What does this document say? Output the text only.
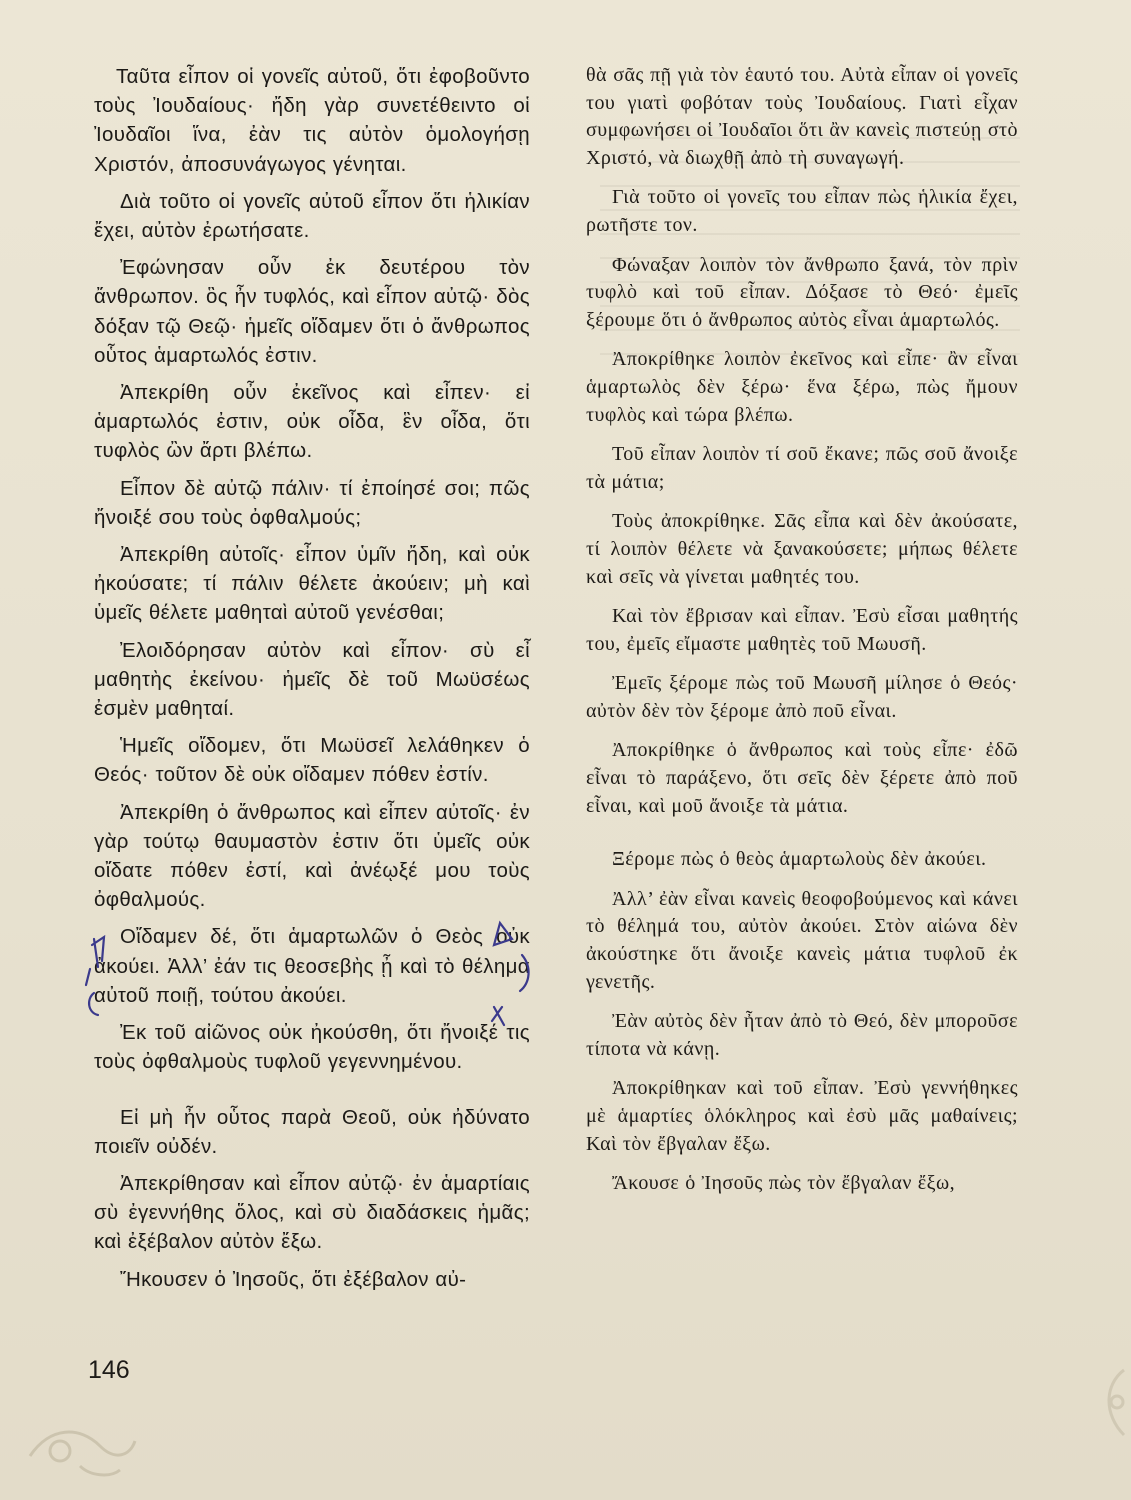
Ταῦτα εἶπον οἱ γονεῖς αὐτοῦ, ὅτι ἐφοβοῦντο τοὺς Ἰουδαίους· ἤδη γὰρ συνετέθειντο οἱ Ἰουδαῖοι ἵνα, ἐὰν τις αὐτὸν ὁμολογήσῃ Χριστόν, ἀποσυνάγωγος γένηται.

Διὰ τοῦτο οἱ γονεῖς αὐτοῦ εἶπον ὅτι ἡλικίαν ἔχει, αὐτὸν ἐρωτήσατε.

Ἐφώνησαν οὖν ἐκ δευτέρου τὸν ἄνθρωπον. ὃς ἦν τυφλός, καὶ εἶπον αὐτῷ· δὸς δόξαν τῷ Θεῷ· ἡμεῖς οἴδαμεν ὅτι ὁ ἄνθρωπος οὗτος ἁμαρτωλός ἐστιν.

Ἀπεκρίθη οὖν ἐκεῖνος καὶ εἶπεν· εἰ ἁμαρτωλός ἐστιν, οὐκ οἶδα, ἓν οἶδα, ὅτι τυφλὸς ὢν ἄρτι βλέπω.

Εἶπον δὲ αὐτῷ πάλιν· τί ἐποίησέ σοι; πῶς ἤνοιξέ σου τοὺς ὀφθαλμούς;

Ἀπεκρίθη αὐτοῖς· εἶπον ὑμῖν ἤδη, καὶ οὐκ ἠκούσατε; τί πάλιν θέλετε ἀκούειν; μὴ καὶ ὑμεῖς θέλετε μαθηταὶ αὐτοῦ γενέσθαι;

Ἐλοιδόρησαν αὐτὸν καὶ εἶπον· σὺ εἶ μαθητὴς ἐκείνου· ἡμεῖς δὲ τοῦ Μωϋσέως ἐσμὲν μαθηταί.

Ἡμεῖς οἴδομεν, ὅτι Μωϋσεῖ λελάθηκεν ὁ Θεός· τοῦτον δὲ οὐκ οἴδαμεν πόθεν ἐστίν.

Ἀπεκρίθη ὁ ἄνθρωπος καὶ εἶπεν αὐτοῖς· ἐν γὰρ τούτῳ θαυμαστὸν ἐστιν ὅτι ὑμεῖς οὐκ οἴδατε πόθεν ἐστί, καὶ ἀνέῳξέ μου τοὺς ὀφθαλμούς.

Οἴδαμεν δέ, ὅτι ἁμαρτωλῶν ὁ Θεὸς οὐκ ἀκούει. Ἀλλ’ ἐάν τις θεοσεβὴς ᾖ καὶ τὸ θέλημα αὐτοῦ ποιῇ, τούτου ἀκούει.

Ἐκ τοῦ αἰῶνος οὐκ ἠκούσθη, ὅτι ἤνοιξέ τις τοὺς ὀφθαλμοὺς τυφλοῦ γεγεννημένου.

Εἰ μὴ ἦν οὗτος παρὰ Θεοῦ, οὐκ ἠδύνατο ποιεῖν οὐδέν.

Ἀπεκρίθησαν καὶ εἶπον αὐτῷ· ἐν ἁμαρτίαις σὺ ἐγεννήθης ὅλος, καὶ σὺ διαδάσκεις ἡμᾶς; καὶ ἐξέβαλον αὐτὸν ἔξω.

Ἤκουσεν ὁ Ἰησοῦς, ὅτι ἐξέβαλον αὐ-

θὰ σᾶς πῇ γιὰ τὸν ἑαυτό του. Αὐτὰ εἶπαν οἱ γονεῖς του γιατὶ φοβόταν τοὺς Ἰουδαίους. Γιατὶ εἶχαν συμφωνήσει οἱ Ἰουδαῖοι ὅτι ἂν κανεὶς πιστεύῃ στὸ Χριστό, νὰ διωχθῇ ἀπὸ τὴ συναγωγή.

Γιὰ τοῦτο οἱ γονεῖς του εἶπαν πὼς ἡλικία ἔχει, ρωτῆστε τον.

Φώναξαν λοιπὸν τὸν ἄνθρωπο ξανά, τὸν πρὶν τυφλὸ καὶ τοῦ εἶπαν. Δόξασε τὸ Θεό· ἐμεῖς ξέρουμε ὅτι ὁ ἄνθρωπος αὐτὸς εἶναι ἁμαρτωλός.

Ἀποκρίθηκε λοιπὸν ἐκεῖνος καὶ εἶπε· ἂν εἶναι ἁμαρτωλὸς δὲν ξέρω· ἕνα ξέρω, πὼς ἤμουν τυφλὸς καὶ τώρα βλέπω.

Τοῦ εἶπαν λοιπὸν τί σοῦ ἔκανε; πῶς σοῦ ἄνοιξε τὰ μάτια;

Τοὺς ἀποκρίθηκε. Σᾶς εἶπα καὶ δὲν ἀκούσατε, τί λοιπὸν θέλετε νὰ ξανακούσετε; μήπως θέλετε καὶ σεῖς νὰ γίνεται μαθητές του.

Καὶ τὸν ἔβρισαν καὶ εἶπαν. Ἐσὺ εἶσαι μαθητής του, ἐμεῖς εἴμαστε μαθητὲς τοῦ Μωυσῆ.

Ἐμεῖς ξέρομε πὼς τοῦ Μωυσῆ μίλησε ὁ Θεός· αὐτὸν δὲν τὸν ξέρομε ἀπὸ ποῦ εἶναι.

Ἀποκρίθηκε ὁ ἄνθρωπος καὶ τοὺς εἶπε· ἐδῶ εἶναι τὸ παράξενο, ὅτι σεῖς δὲν ξέρετε ἀπὸ ποῦ εἶναι, καὶ μοῦ ἄνοιξε τὰ μάτια.

Ξέρομε πὼς ὁ θεὸς ἁμαρτωλοὺς δὲν ἀκούει.

Ἀλλ’ ἐὰν εἶναι κανεὶς θεοφοβούμενος καὶ κάνει τὸ θέλημά του, αὐτὸν ἀκούει. Στὸν αἰώνα δὲν ἀκούστηκε ὅτι ἄνοιξε κανεὶς μάτια τυφλοῦ ἐκ γενετῆς.

Ἐὰν αὐτὸς δὲν ἦταν ἀπὸ τὸ Θεό, δὲν μποροῦσε τίποτα νὰ κάνῃ.

Ἀποκρίθηκαν καὶ τοῦ εἶπαν. Ἐσὺ γεννήθηκες μὲ ἁμαρτίες ὁλόκληρος καὶ ἐσὺ μᾶς μαθαίνεις; Καὶ τὸν ἔβγαλαν ἔξω.

Ἄκουσε ὁ Ἰησοῦς πὼς τὸν ἔβγαλαν ἔξω,

146
